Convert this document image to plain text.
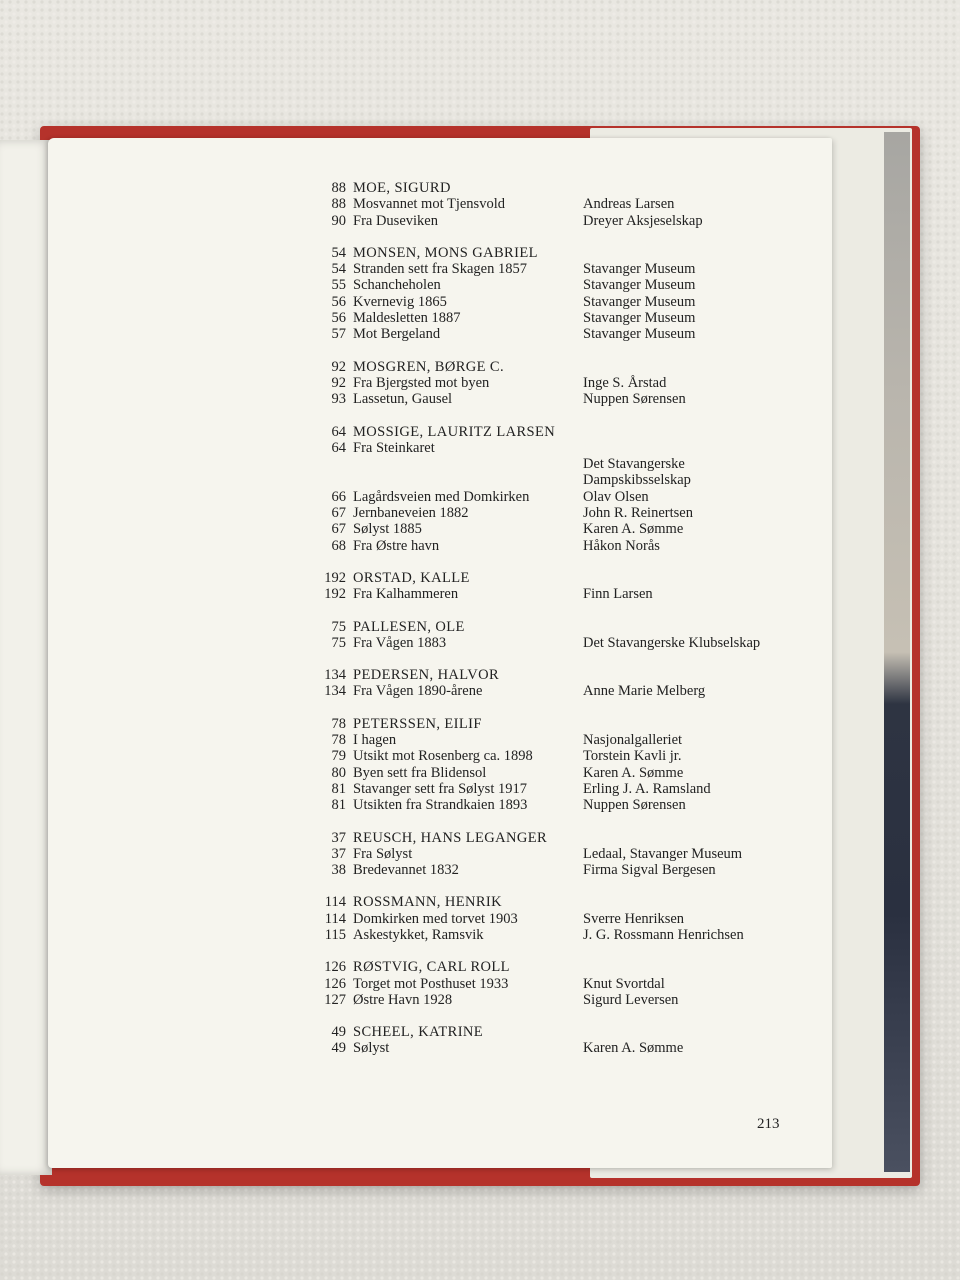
88 MOE, SIGURD
88 Mosvannet mot Tjensvold	Andreas Larsen
90 Fra Duseviken	Dreyer Aksjeselskap
54 MONSEN, MONS GABRIEL
54 Stranden sett fra Skagen 1857	Stavanger Museum
55 Schancheholen	Stavanger Museum
56 Kvernevig 1865	Stavanger Museum
56 Maldesletten 1887	Stavanger Museum
57 Mot Bergeland	Stavanger Museum
92 MOSGREN, BØRGE C.
92 Fra Bjergsted mot byen	Inge S. Årstad
93 Lassetun, Gausel	Nuppen Sørensen
64 MOSSIGE, LAURITZ LARSEN
64 Fra Steinkaret
Det Stavangerske
Dampskibsselskap
66 Lagårdsveien med Domkirken	Olav Olsen
67 Jernbaneveien 1882	John R. Reinertsen
67 Sølyst 1885	Karen A. Sømme
68 Fra Østre havn	Håkon Norås
192 ORSTAD, KALLE
192 Fra Kalhammeren	Finn Larsen
75 PALLESEN, OLE
75 Fra Vågen 1883	Det Stavangerske Klubselskap
134 PEDERSEN, HALVOR
134 Fra Vågen 1890-årene	Anne Marie Melberg
78 PETERSSEN, EILIF
78 I hagen	Nasjonalgalleriet
79 Utsikt mot Rosenberg ca. 1898	Torstein Kavli jr.
80 Byen sett fra Blidensol	Karen A. Sømme
81 Stavanger sett fra Sølyst 1917	Erling J. A. Ramsland
81 Utsikten fra Strandkaien 1893	Nuppen Sørensen
37 REUSCH, HANS LEGANGER
37 Fra Sølyst	Ledaal, Stavanger Museum
38 Bredevannet 1832	Firma Sigval Bergesen
114 ROSSMANN, HENRIK
114 Domkirken med torvet 1903	Sverre Henriksen
115 Askestykket, Ramsvik	J. G. Rossmann Henrichsen
126 RØSTVIG, CARL ROLL
126 Torget mot Posthuset 1933	Knut Svortdal
127 Østre Havn 1928	Sigurd Leversen
49 SCHEEL, KATRINE
49 Sølyst	Karen A. Sømme
213
